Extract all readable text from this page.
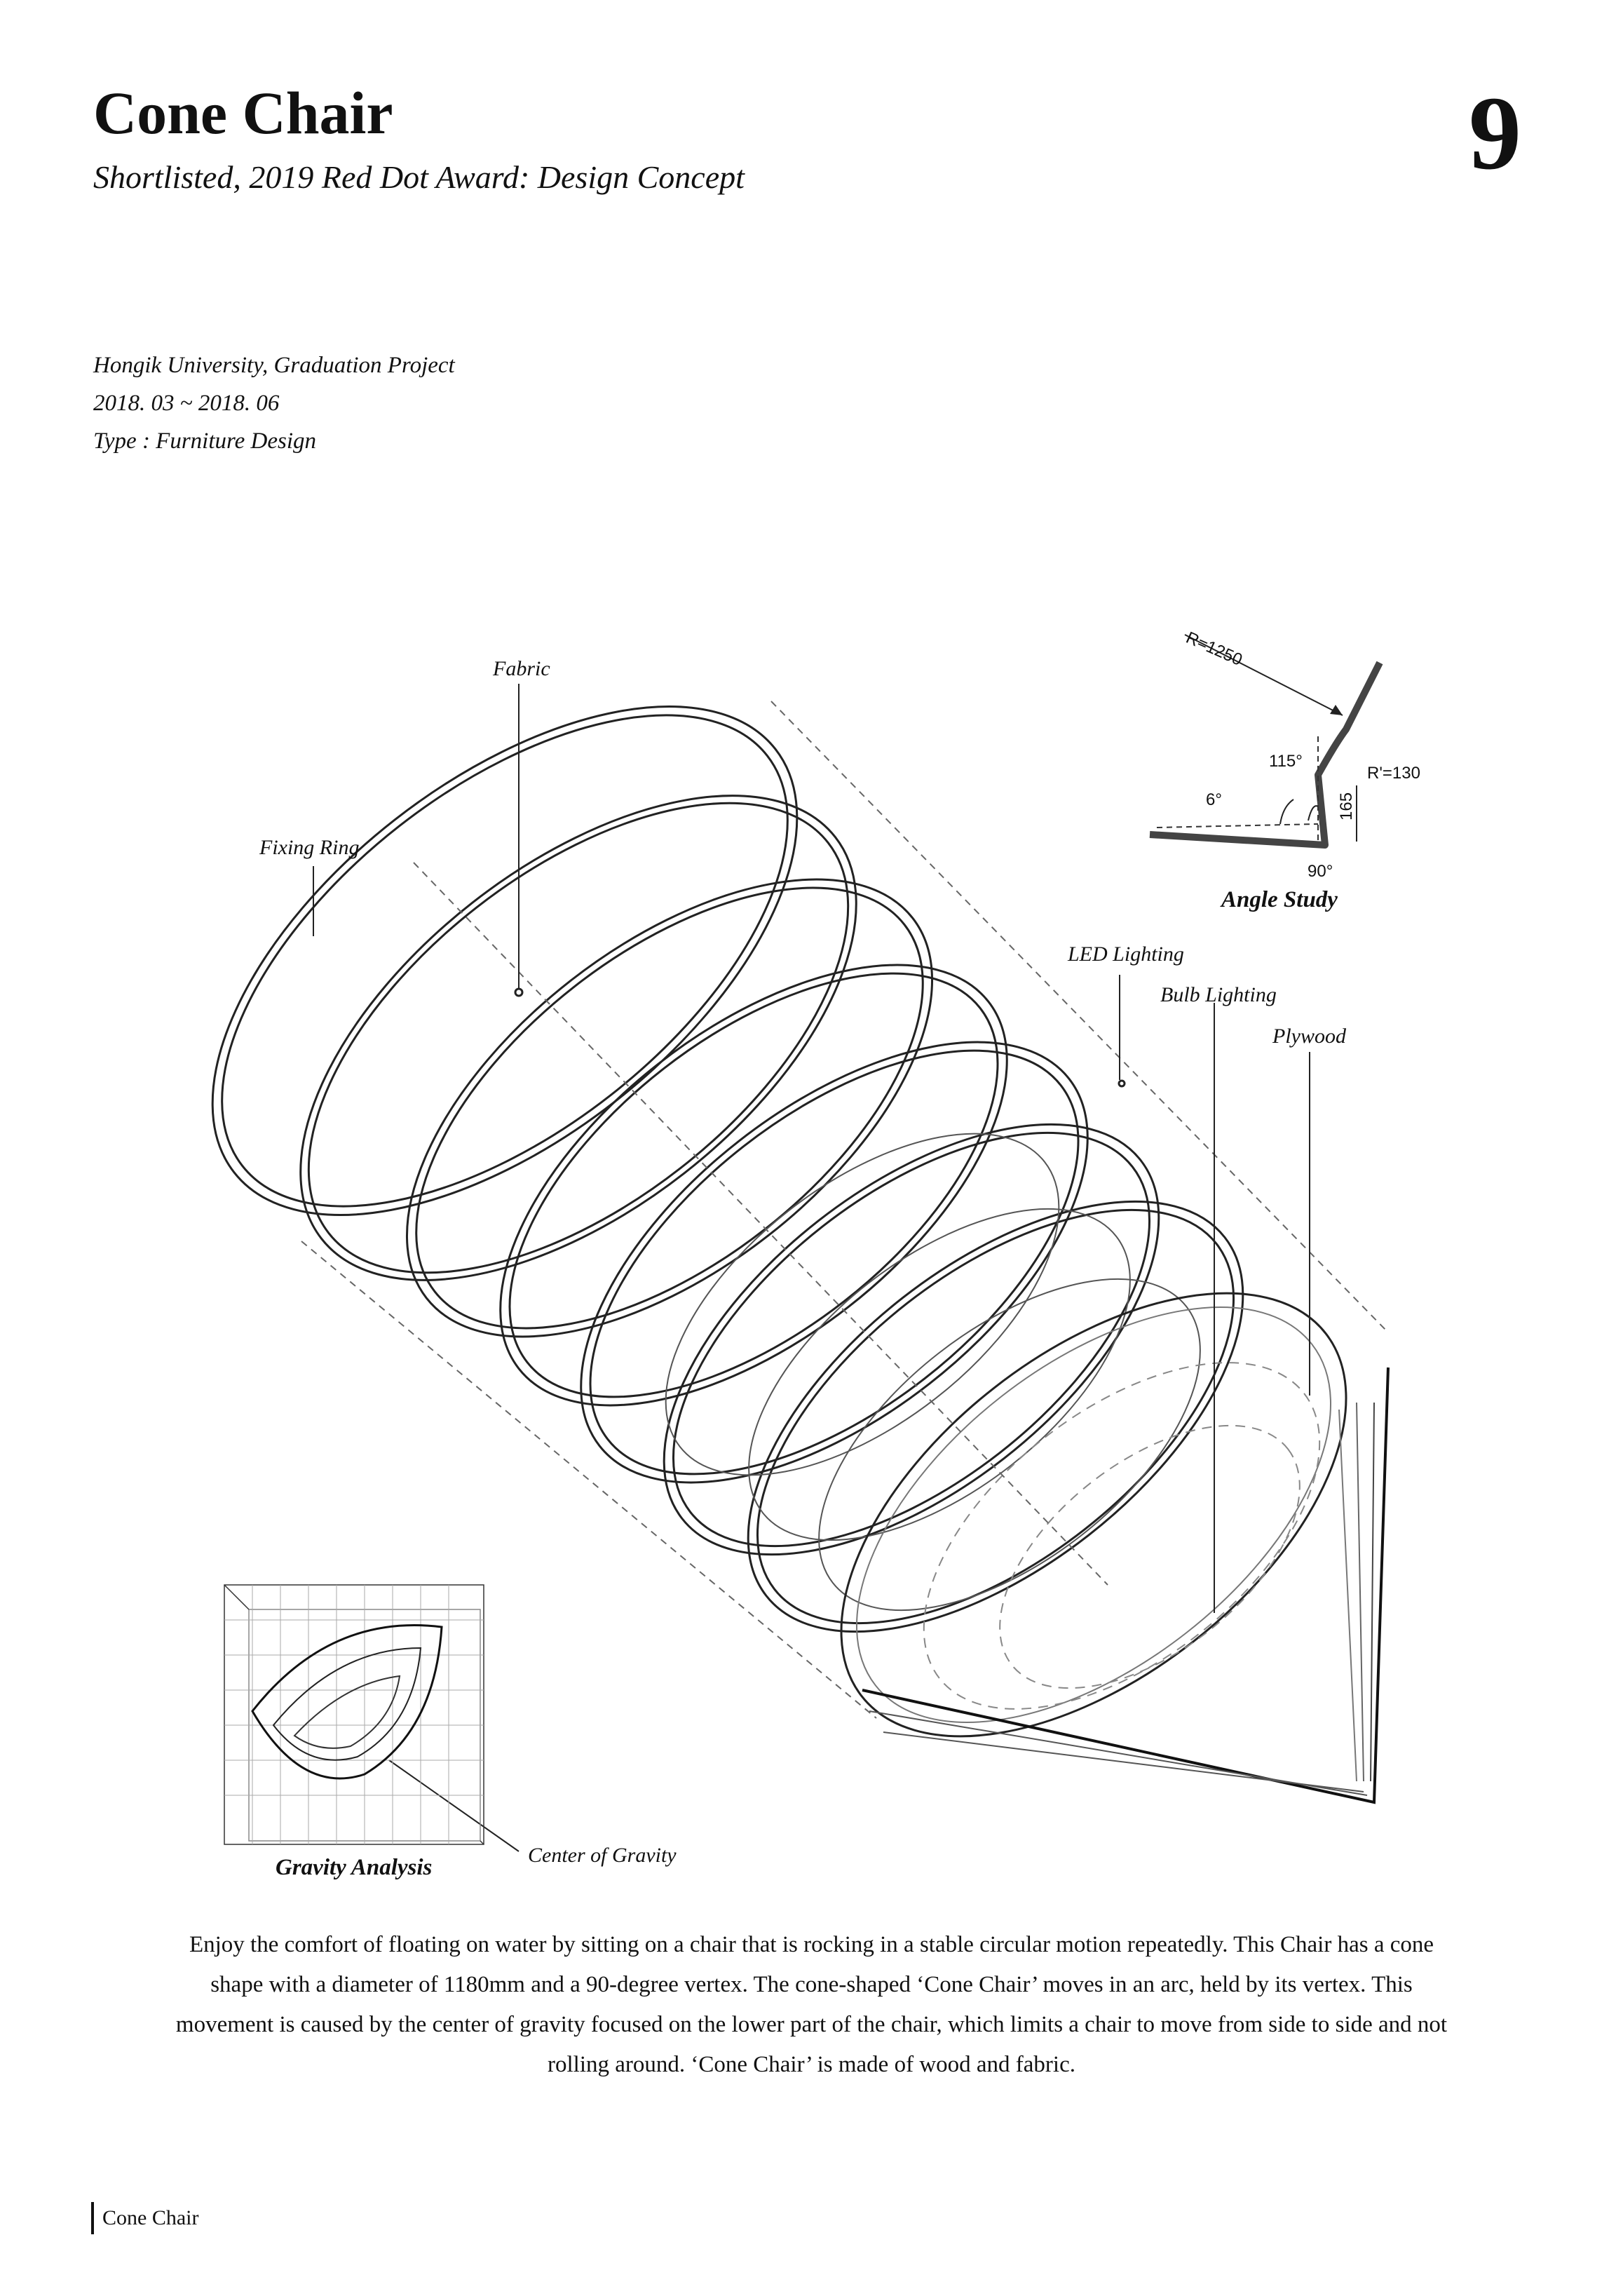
Cone Chair
Shortlisted, 2019 Red Dot Award: Design Concept	9
Hongik University, Graduation Project
2018. 03 ~ 2018. 06
Type : Furniture Design
R=1250
R'=130
115°
6°
90°
165
Angle Study
Fabric
Fixing Ring
LED Lighting
Bulb Lighting
Plywood
Center of Gravity
Gravity Analysis
Enjoy the comfort of floating on water by sitting on a chair that is rocking in a stable circular motion repeatedly. This Chair has a cone shape with a diameter of 1180mm and a 90-degree vertex. The cone-shaped ‘Cone Chair’ moves in an arc, held by its vertex. This movement is caused by the center of gravity focused on the lower part of the chair, which limits a chair to move from side to side and not rolling around. ‘Cone Chair’ is made of wood and fabric.
Cone Chair
